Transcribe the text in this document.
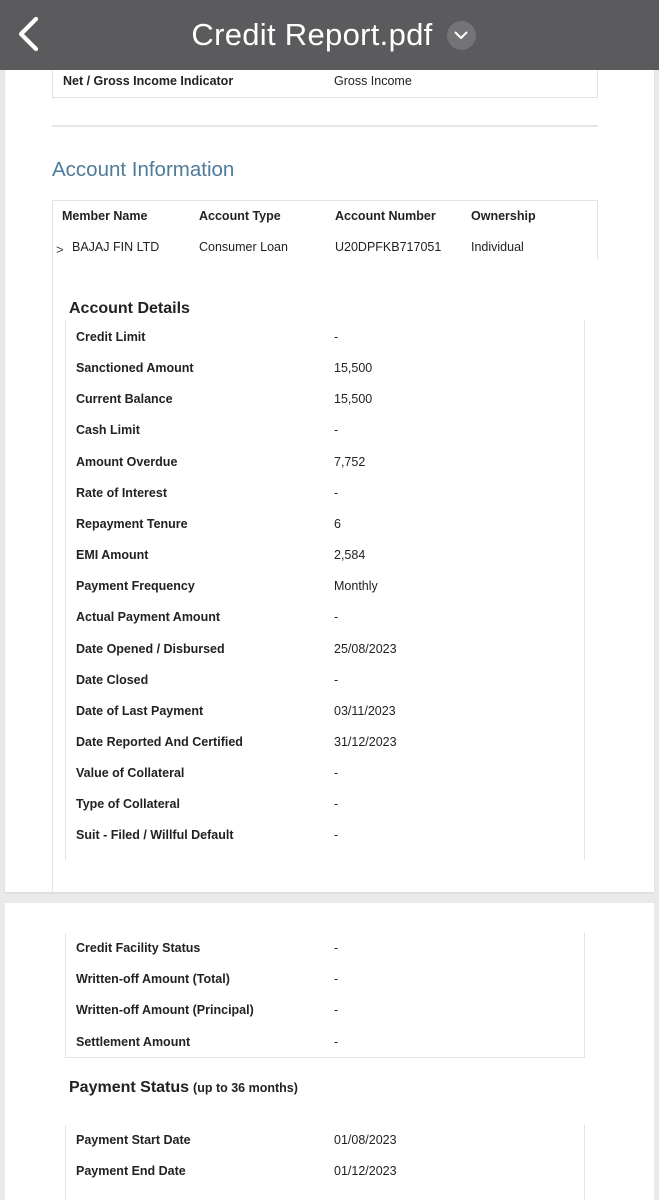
Credit Report.pdf
Net / Gross Income Indicator	Gross Income
Account Information
Member Name	Account Type	Account Number	Ownership
> BAJAJ FIN LTD	Consumer Loan	U20DPFKB717051 Individual
Account Details
Credit Limit	-
Sanctioned Amount	15,500
Current Balance	15,500
Cash Limit	-
Amount Overdue	7,752
Rate of Interest	-
Repayment Tenure	6
EMI Amount	2,584
Payment Frequency	Monthly
Actual Payment Amount	-
Date Opened / Disbursed	25/08/2023
Date Closed	-
Date of Last Payment	03/11/2023
Date Reported And Certified	31/12/2023
Value of Collateral	-
Type of Collateral	-
Suit - Filed / Willful Default	-
Credit Facility Status	-
Written-off Amount (Total)	-
Written-off Amount (Principal)	-
Settlement Amount	-
Payment Status (up to 36 months)
Payment Start Date	01/08/2023
Payment End Date	01/12/2023
